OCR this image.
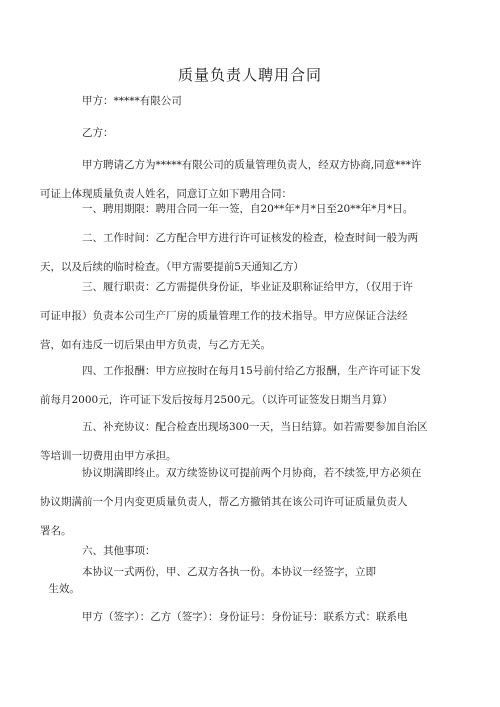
质量负责人聘用合同
甲方：*****有限公司
乙方：
甲方聘请乙方为*****有限公司的质量管理负责人，经双方协商,同意***许
可证上体现质量负责人姓名，同意订立如下聘用合同：
一、聘用期限：聘用合同一年一签，自20**年*月*日至20**年*月*日。
二、工作时间：乙方配合甲方进行许可证核发的检查，检查时间一般为两
天，以及后续的临时检查。（甲方需要提前5天通知乙方）
三、履行职责：乙方需提供身份证，毕业证及职称证给甲方，（仅用于许
可证申报）负责本公司生产厂房的质量管理工作的技术指导。甲方应保证合法经
营，如有违反一切后果由甲方负责，与乙方无关。
四、工作报酬：甲方应按时在每月15号前付给乙方报酬，生产许可证下发
前每月2000元，许可证下发后按每月2500元。（以许可证签发日期当月算）
五、补充协议：配合检查出现场300一天，当日结算。如若需要参加自治区
等培训一切费用由甲方承担。
协议期满即终止。双方续签协议可提前两个月协商，若不续签,甲方必须在
协议期满前一个月内变更质量负责人，帮乙方撤销其在该公司许可证质量负责人
署名。
六、其他事项：
本协议一式两份，甲、乙双方各执一份。本协议一经签字，立即
生效。
甲方（签字）：乙方（签字）：身份证号：身份证号：联系方式：联系电
